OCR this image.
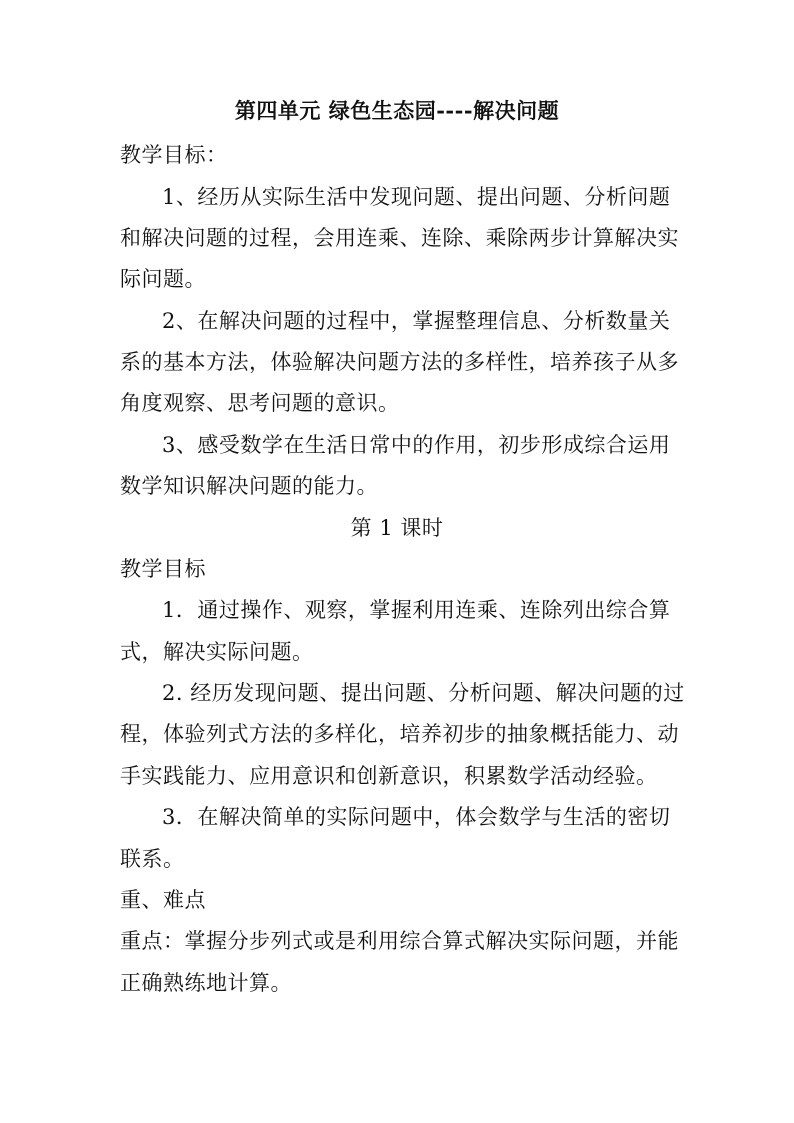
第四单元 绿色生态园----解决问题
教学目标：
1、经历从实际生活中发现问题、提出问题、分析问题
和解决问题的过程，会用连乘、连除、乘除两步计算解决实
际问题。
2、在解决问题的过程中，掌握整理信息、分析数量关
系的基本方法，体验解决问题方法的多样性，培养孩子从多
角度观察、思考问题的意识。
3、感受数学在生活日常中的作用，初步形成综合运用
数学知识解决问题的能力。
第 1 课时
教学目标
1．通过操作、观察，掌握利用连乘、连除列出综合算
式，解决实际问题。
2. 经历发现问题、提出问题、分析问题、解决问题的过
程，体验列式方法的多样化，培养初步的抽象概括能力、动
手实践能力、应用意识和创新意识，积累数学活动经验。
3．在解决简单的实际问题中，体会数学与生活的密切
联系。
重、难点
重点：掌握分步列式或是利用综合算式解决实际问题，并能
正确熟练地计算。
